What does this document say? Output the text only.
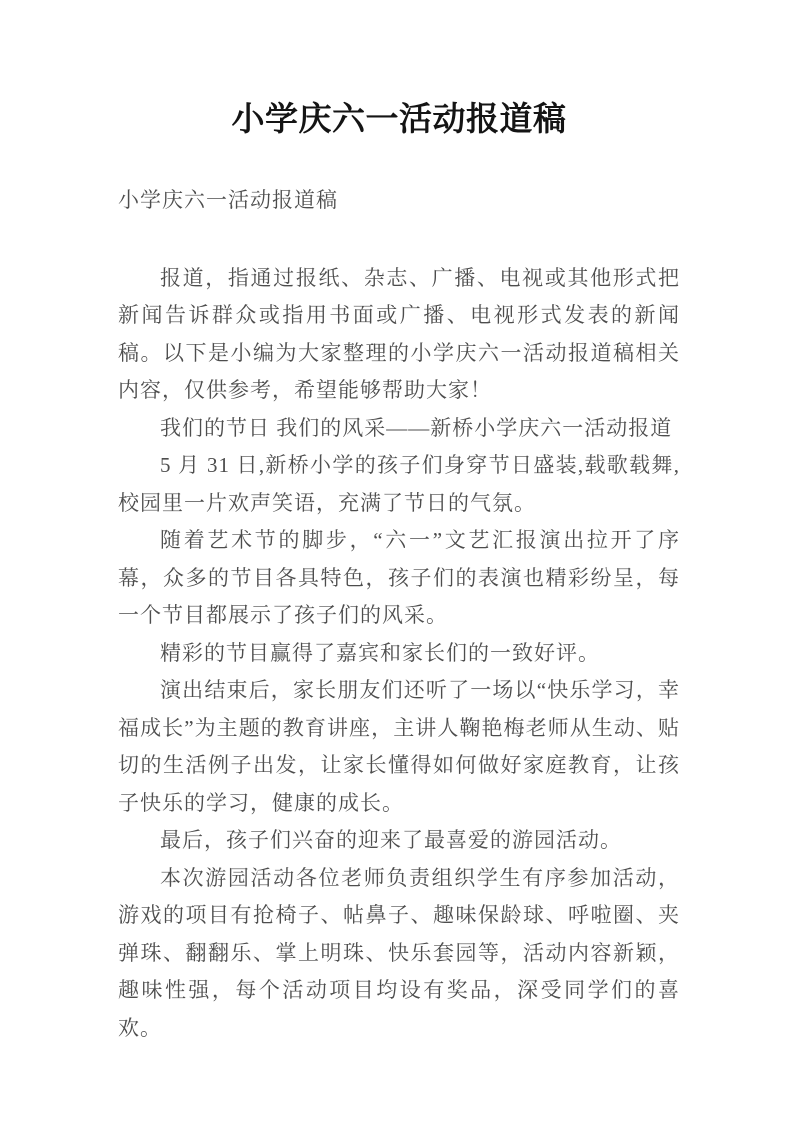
小学庆六一活动报道稿

小学庆六一活动报道稿

报道，指通过报纸、杂志、广播、电视或其他形式把新闻告诉群众或指用书面或广播、电视形式发表的新闻稿。以下是小编为大家整理的小学庆六一活动报道稿相关内容，仅供参考，希望能够帮助大家！

我们的节日 我们的风采——新桥小学庆六一活动报道

5 月 31 日,新桥小学的孩子们身穿节日盛装,载歌载舞,校园里一片欢声笑语，充满了节日的气氛。

随着艺术节的脚步，“六一”文艺汇报演出拉开了序幕，众多的节目各具特色，孩子们的表演也精彩纷呈，每一个节目都展示了孩子们的风采。

精彩的节目赢得了嘉宾和家长们的一致好评。

演出结束后，家长朋友们还听了一场以“快乐学习，幸福成长”为主题的教育讲座，主讲人鞠艳梅老师从生动、贴切的生活例子出发，让家长懂得如何做好家庭教育，让孩子快乐的学习，健康的成长。

最后，孩子们兴奋的迎来了最喜爱的游园活动。

本次游园活动各位老师负责组织学生有序参加活动，游戏的项目有抢椅子、帖鼻子、趣味保龄球、呼啦圈、夹弹珠、翻翻乐、掌上明珠、快乐套园等，活动内容新颖，趣味性强，每个活动项目均设有奖品，深受同学们的喜欢。
